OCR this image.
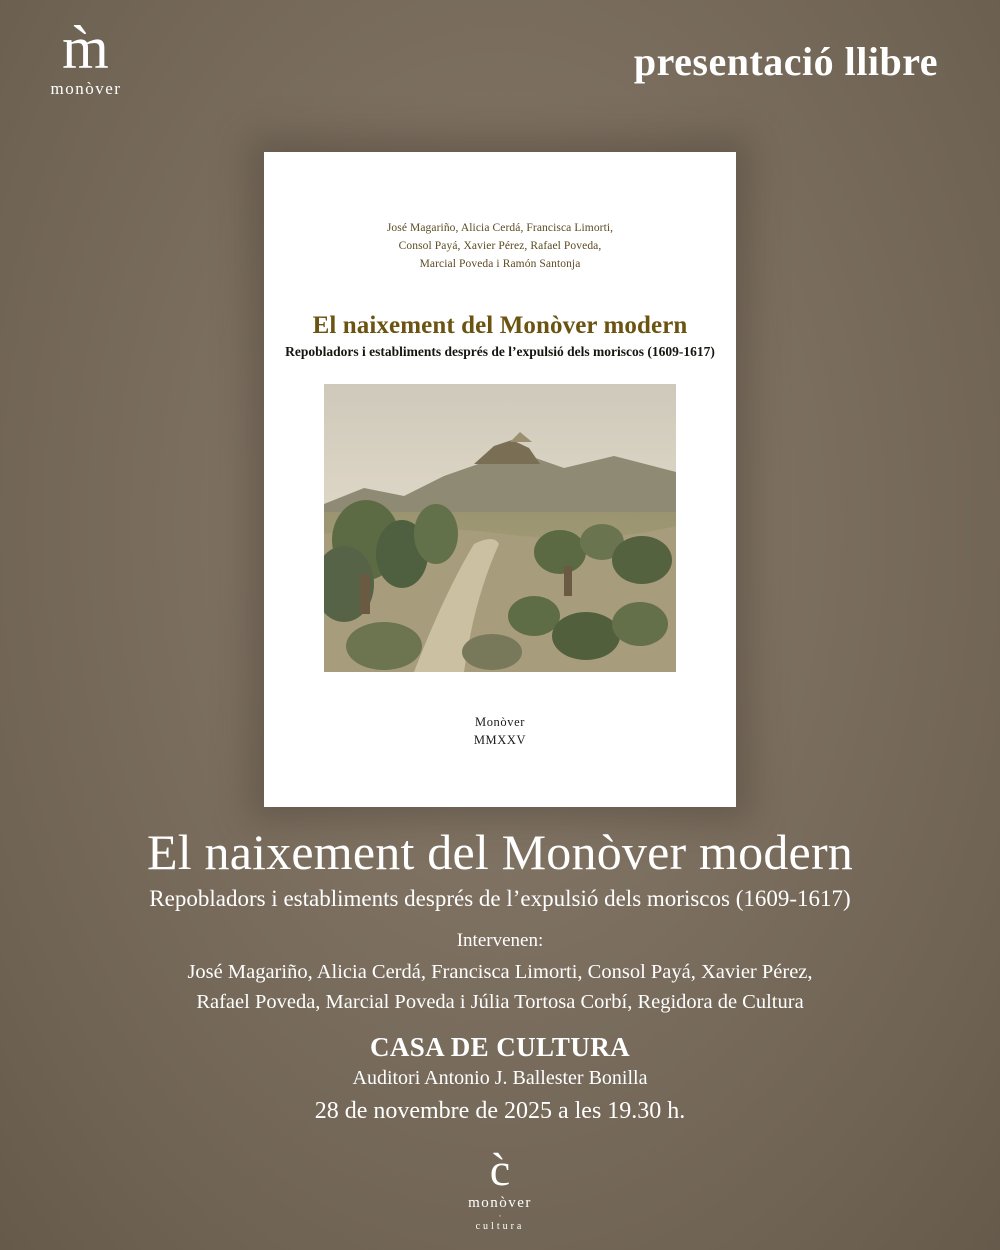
m̀
monòver
presentació llibre
José Magariño, Alicia Cerdá, Francisca Limorti,
Consol Payá, Xavier Pérez, Rafael Poveda,
Marcial Poveda i Ramón Santonja
El naixement del Monòver modern
Repobladors i establiments després de l’expulsió dels moriscos (1609-1617)
Monòver
MMXXV
El naixement del Monòver modern
Repobladors i establiments després de l’expulsió dels moriscos (1609-1617)
Intervenen:
José Magariño, Alicia Cerdá, Francisca Limorti, Consol Payá, Xavier Pérez,
Rafael Poveda, Marcial Poveda i Júlia Tortosa Corbí, Regidora de Cultura
CASA DE CULTURA
Auditori Antonio J. Ballester Bonilla
28 de novembre de 2025 a les 19.30 h.
c̀
monòver
·
cultura
